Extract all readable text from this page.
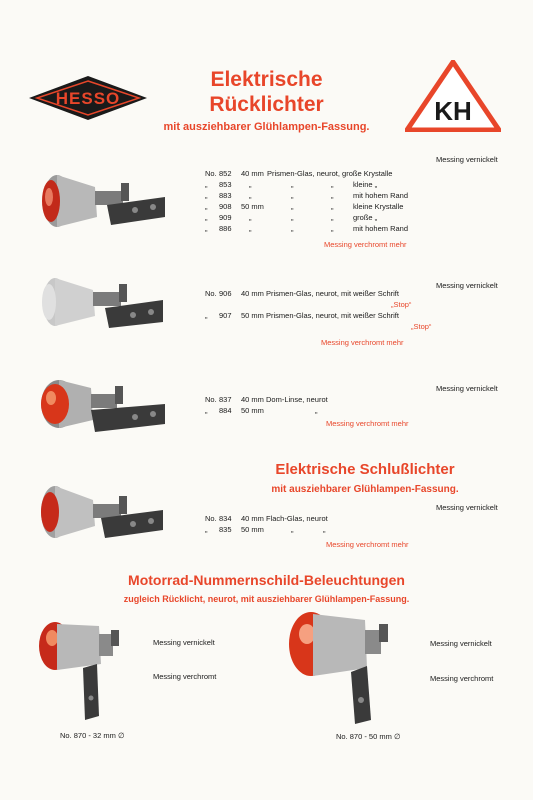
HESSO	KH
Elektrische
Rücklichter
mit ausziehbarer Glühlampen-Fassung.
Messing vernickelt
No. 852 40 mm Prismen-Glas, neurot, große Krystalle
„ 853 „	„	„	kleine „
„ 883 „	„	„	mit hohem Rand
„ 908 50 mm	„	„	kleine Krystalle
„ 909 „	„	„	große „
„ 886 „	„	„	mit hohem Rand
Messing verchromt mehr
Messing vernickelt
No. 906 40 mm Prismen-Glas, neurot, mit weißer Schrift
„Stop“
„ 907 50 mm Prismen-Glas, neurot, mit weißer Schrift
„Stop“
Messing verchromt mehr
Messing vernickelt
No. 837 40 mm Dom-Linse, neurot
„ 884 50 mm	„
Messing verchromt mehr
Elektrische Schlußlichter
mit ausziehbarer Glühlampen-Fassung.
Messing vernickelt
No. 834 40 mm Flach-Glas, neurot
„ 835 50 mm	„	„
Messing verchromt mehr
Motorrad-Nummernschild-Beleuchtungen
zugleich Rücklicht, neurot, mit ausziehbarer Glühlampen-Fassung.
Messing vernickelt
Messing verchromt
No. 870 - 32 mm ∅
Messing vernickelt
Messing verchromt
No. 870 - 50 mm ∅
